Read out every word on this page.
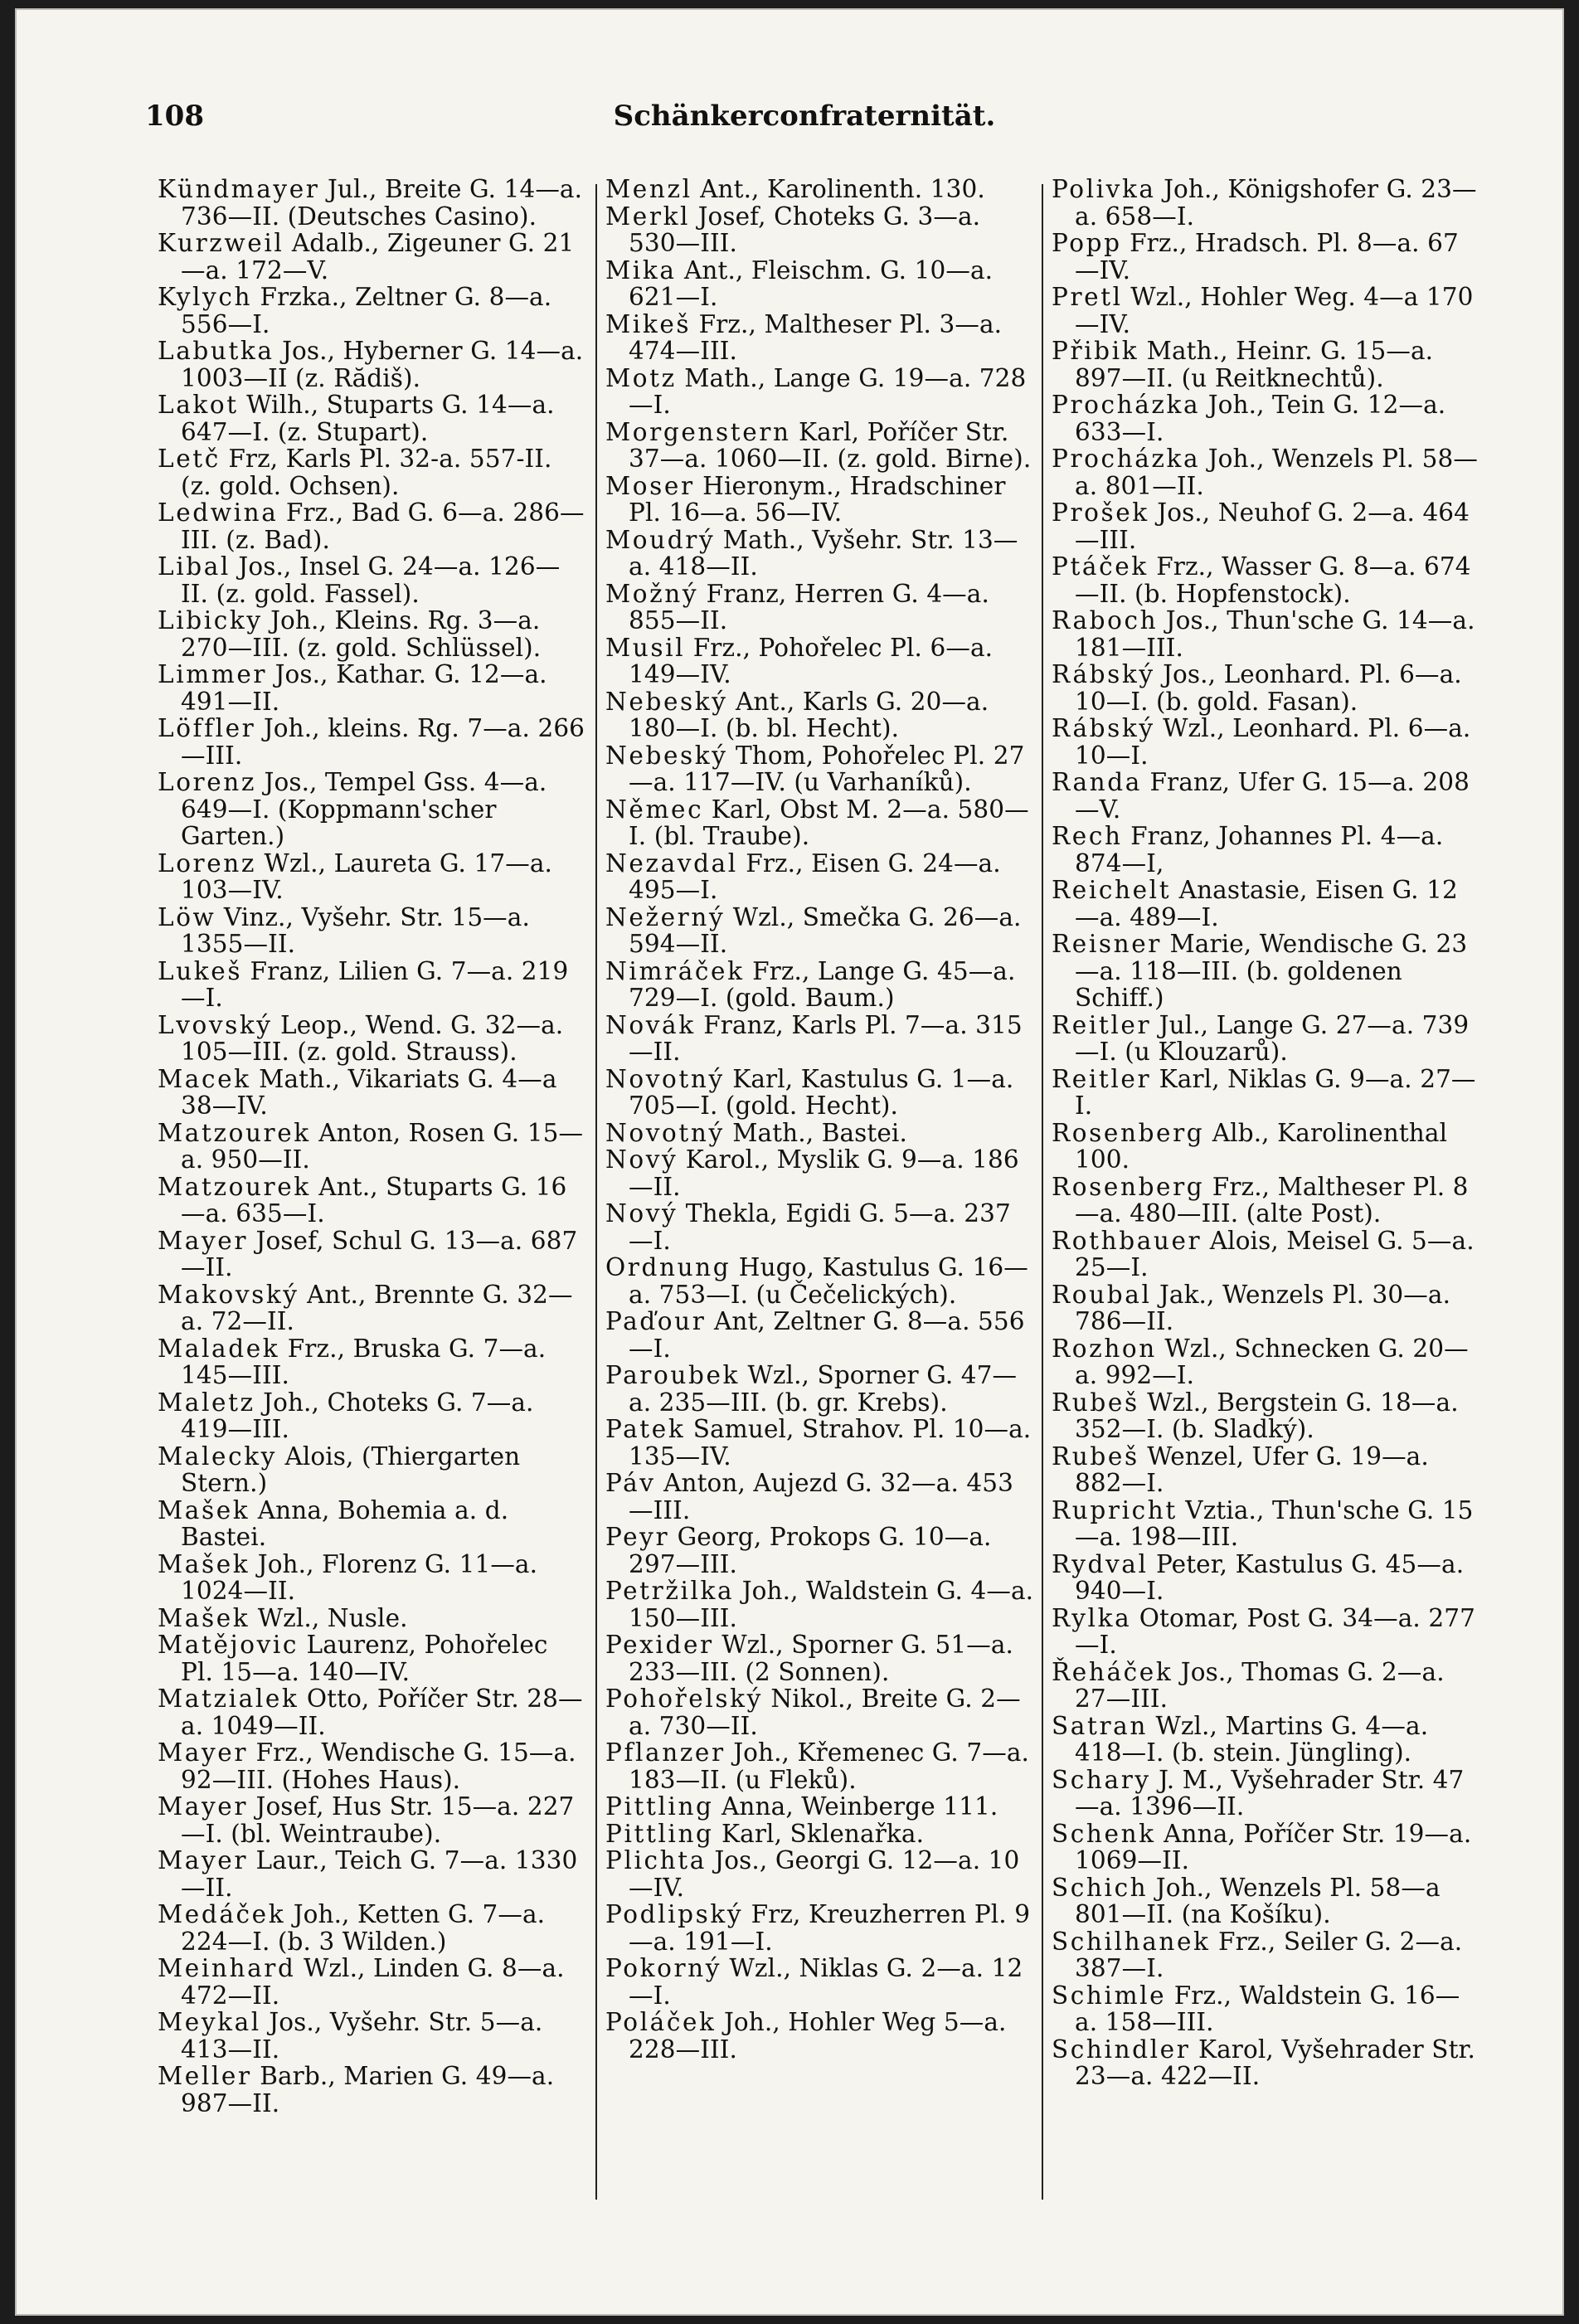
108	Schänkerconfraternität.

Kündmayer Jul., Breite G. 14—a. 736—II. (Deutsches Casino).

Kurzweil Adalb., Zigeuner G. 21—a. 172—V.

Kylych Frzka., Zeltner G. 8—a. 556—I.

Labutka Jos., Hyberner G. 14—a. 1003—II (z. Rădiš).

Lakot Wilh., Stuparts G. 14—a. 647—I. (z. Stupart).

Letč Frz, Karls Pl. 32-a. 557-II. (z. gold. Ochsen).

Ledwina Frz., Bad G. 6—a. 286—III. (z. Bad).

Libal Jos., Insel G. 24—a. 126—II. (z. gold. Fassel).

Libicky Joh., Kleins. Rg. 3—a. 270—III. (z. gold. Schlüssel).

Limmer Jos., Kathar. G. 12—a. 491—II.

Löffler Joh., kleins. Rg. 7—a. 266—III.

Lorenz Jos., Tempel Gss. 4—a. 649—I. (Koppmann'scher Garten.)

Lorenz Wzl., Laureta G. 17—a. 103—IV.

Löw Vinz., Vyšehr. Str. 15—a. 1355—II.

Lukeš Franz, Lilien G. 7—a. 219—I.

Lvovský Leop., Wend. G. 32—a. 105—III. (z. gold. Strauss).

Macek Math., Vikariats G. 4—a 38—IV.

Matzourek Anton, Rosen G. 15—a. 950—II.

Matzourek Ant., Stuparts G. 16—a. 635—I.

Mayer Josef, Schul G. 13—a. 687—II.

Makovský Ant., Brennte G. 32—a. 72—II.

Maladek Frz., Bruska G. 7—a. 145—III.

Maletz Joh., Choteks G. 7—a. 419—III.

Malecky Alois, (Thiergarten Stern.)

Mašek Anna, Bohemia a. d. Bastei.

Mašek Joh., Florenz G. 11—a. 1024—II.

Mašek Wzl., Nusle.

Matějovic Laurenz, Pohořelec Pl. 15—a. 140—IV.

Matzialek Otto, Poříčer Str. 28—a. 1049—II.

Mayer Frz., Wendische G. 15—a. 92—III. (Hohes Haus).

Mayer Josef, Hus Str. 15—a. 227—I. (bl. Weintraube).

Mayer Laur., Teich G. 7—a. 1330—II.

Medáček Joh., Ketten G. 7—a. 224—I. (b. 3 Wilden.)

Meinhard Wzl., Linden G. 8—a. 472—II.

Meykal Jos., Vyšehr. Str. 5—a. 413—II.

Meller Barb., Marien G. 49—a. 987—II.

Menzl Ant., Karolinenth. 130.

Merkl Josef, Choteks G. 3—a. 530—III.

Mika Ant., Fleischm. G. 10—a. 621—I.

Mikeš Frz., Maltheser Pl. 3—a. 474—III.

Motz Math., Lange G. 19—a. 728—I.

Morgenstern Karl, Poříčer Str. 37—a. 1060—II. (z. gold. Birne).

Moser Hieronym., Hradschiner Pl. 16—a. 56—IV.

Moudrý Math., Vyšehr. Str. 13—a. 418—II.

Možný Franz, Herren G. 4—a. 855—II.

Musil Frz., Pohořelec Pl. 6—a. 149—IV.

Nebeský Ant., Karls G. 20—a. 180—I. (b. bl. Hecht).

Nebeský Thom, Pohořelec Pl. 27—a. 117—IV. (u Varhaníků).

Němec Karl, Obst M. 2—a. 580—I. (bl. Traube).

Nezavdal Frz., Eisen G. 24—a. 495—I.

Nežerný Wzl., Smečka G. 26—a. 594—II.

Nimráček Frz., Lange G. 45—a. 729—I. (gold. Baum.)

Novák Franz, Karls Pl. 7—a. 315—II.

Novotný Karl, Kastulus G. 1—a. 705—I. (gold. Hecht).

Novotný Math., Bastei.

Nový Karol., Myslik G. 9—a. 186—II.

Nový Thekla, Egidi G. 5—a. 237—I.

Ordnung Hugo, Kastulus G. 16—a. 753—I. (u Čečelických).

Paďour Ant, Zeltner G. 8—a. 556—I.

Paroubek Wzl., Sporner G. 47—a. 235—III. (b. gr. Krebs).

Patek Samuel, Strahov. Pl. 10—a. 135—IV.

Páv Anton, Aujezd G. 32—a. 453—III.

Peyr Georg, Prokops G. 10—a. 297—III.

Petržilka Joh., Waldstein G. 4—a. 150—III.

Pexider Wzl., Sporner G. 51—a. 233—III. (2 Sonnen).

Pohořelský Nikol., Breite G. 2—a. 730—II.

Pflanzer Joh., Křemenec G. 7—a. 183—II. (u Fleků).

Pittling Anna, Weinberge 111.

Pittling Karl, Sklenařka.

Plichta Jos., Georgi G. 12—a. 10—IV.

Podlipský Frz, Kreuzherren Pl. 9—a. 191—I.

Pokorný Wzl., Niklas G. 2—a. 12—I.

Poláček Joh., Hohler Weg 5—a. 228—III.

Polivka Joh., Königshofer G. 23—a. 658—I.

Popp Frz., Hradsch. Pl. 8—a. 67—IV.

Pretl Wzl., Hohler Weg. 4—a 170—IV.

Přibik Math., Heinr. G. 15—a. 897—II. (u Reitknechtů).

Procházka Joh., Tein G. 12—a. 633—I.

Procházka Joh., Wenzels Pl. 58—a. 801—II.

Prošek Jos., Neuhof G. 2—a. 464—III.

Ptáček Frz., Wasser G. 8—a. 674—II. (b. Hopfenstock).

Raboch Jos., Thun'sche G. 14—a. 181—III.

Rábský Jos., Leonhard. Pl. 6—a. 10—I. (b. gold. Fasan).

Rábský Wzl., Leonhard. Pl. 6—a. 10—I.

Randa Franz, Ufer G. 15—a. 208—V.

Rech Franz, Johannes Pl. 4—a. 874—I,

Reichelt Anastasie, Eisen G. 12—a. 489—I.

Reisner Marie, Wendische G. 23—a. 118—III. (b. goldenen Schiff.)

Reitler Jul., Lange G. 27—a. 739—I. (u Klouzarů).

Reitler Karl, Niklas G. 9—a. 27—I.

Rosenberg Alb., Karolinenthal 100.

Rosenberg Frz., Maltheser Pl. 8—a. 480—III. (alte Post).

Rothbauer Alois, Meisel G. 5—a. 25—I.

Roubal Jak., Wenzels Pl. 30—a. 786—II.

Rozhon Wzl., Schnecken G. 20—a. 992—I.

Rubeš Wzl., Bergstein G. 18—a. 352—I. (b. Sladký).

Rubeš Wenzel, Ufer G. 19—a. 882—I.

Rupricht Vztia., Thun'sche G. 15—a. 198—III.

Rydval Peter, Kastulus G. 45—a. 940—I.

Rylka Otomar, Post G. 34—a. 277—I.

Řeháček Jos., Thomas G. 2—a. 27—III.

Satran Wzl., Martins G. 4—a. 418—I. (b. stein. Jüngling).

Schary J. M., Vyšehrader Str. 47—a. 1396—II.

Schenk Anna, Poříčer Str. 19—a. 1069—II.

Schich Joh., Wenzels Pl. 58—a 801—II. (na Košíku).

Schilhanek Frz., Seiler G. 2—a. 387—I.

Schimle Frz., Waldstein G. 16—a. 158—III.

Schindler Karol, Vyšehrader Str. 23—a. 422—II.
